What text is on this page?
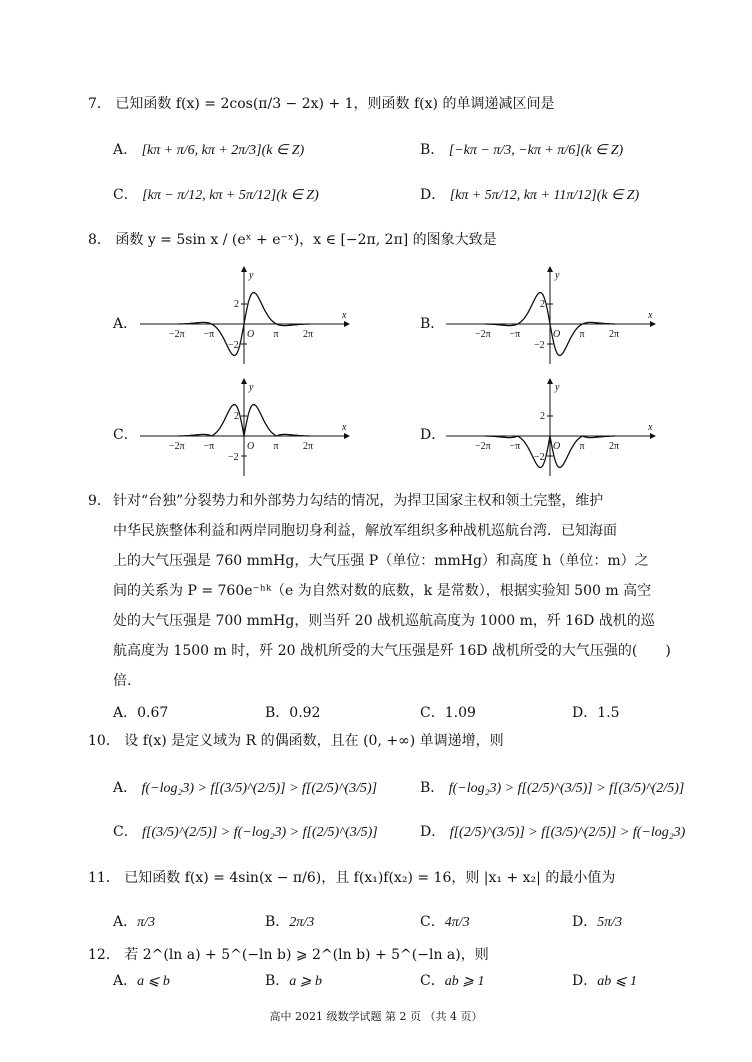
7． 已知函数 f(x) = 2cos(π/3 − 2x) + 1，则函数 f(x) 的单调递减区间是
A． [kπ + π/6, kπ + 2π/3](k ∈ Z)	B． [−kπ − π/3, −kπ + π/6](k ∈ Z)
C． [kπ − π/12, kπ + 5π/12](k ∈ Z)	D． [kπ + 5π/12, kπ + 11π/12](k ∈ Z)
8． 函数 y = 5sin x / (eˣ + e⁻ˣ)，x ∈ [−2π, 2π] 的图象大致是
A．	B．
C．	D．
x
y
O
2
−2
−2π −π	π 2π
x
y
O
2
−2
−2π −π	π 2π
x
y
O
2
−2
−2π −π	π 2π
x
y
O
2
−2
−2π −π	π 2π
9． 针对“台独”分裂势力和外部势力勾结的情况，为捍卫国家主权和领土完整，维护
中华民族整体利益和两岸同胞切身利益，解放军组织多种战机巡航台湾．已知海面
上的大气压强是 760 mmHg，大气压强 P（单位：mmHg）和高度 h（单位：m）之
间的关系为 P = 760e⁻ʰᵏ（e 为自然对数的底数，k 是常数），根据实验知 500 m 高空
处的大气压强是 700 mmHg，则当歼 20 战机巡航高度为 1000 m，歼 16D 战机的巡
航高度为 1500 m 时，歼 20 战机所受的大气压强是歼 16D 战机所受的大气压强的(　　)
倍.
A．0.67	B．0.92	C．1.09	D．1.5
10． 设 f(x) 是定义域为 R 的偶函数，且在 (0, +∞) 单调递增，则
A． f(−log₂3) > f[(3/5)^(2/5)] > f[(2/5)^(3/5)]	B． f(−log₂3) > f[(2/5)^(3/5)] > f[(3/5)^(2/5)]
C． f[(3/5)^(2/5)] > f(−log₂3) > f[(2/5)^(3/5)]	D． f[(2/5)^(3/5)] > f[(3/5)^(2/5)] > f(−log₂3)
11． 已知函数 f(x) = 4sin(x − π/6)，且 f(x₁)f(x₂) = 16，则 |x₁ + x₂| 的最小值为
A．π/3	B．2π/3	C．4π/3	D．5π/3
12． 若 2^(ln a) + 5^(−ln b) ⩾ 2^(ln b) + 5^(−ln a)，则
A．a ⩽ b	B．a ⩾ b	C．ab ⩾ 1	D．ab ⩽ 1
高中 2021 级数学试题 第 2 页 （共 4 页）
